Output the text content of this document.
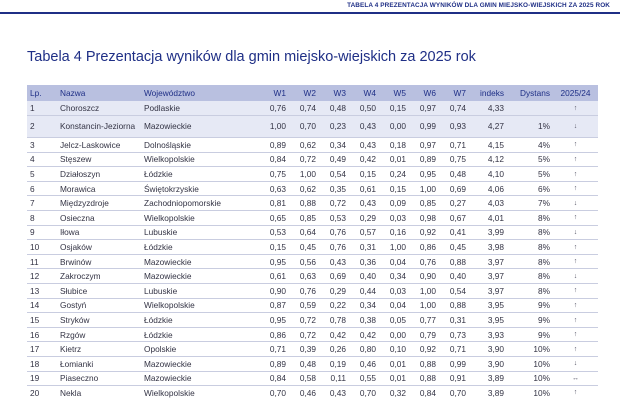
TABELA 4 PREZENTACJA WYNIKÓW DLA GMIN MIEJSKO-WIEJSKICH ZA 2025 ROK
Tabela 4 Prezentacja wyników dla gmin miejsko-wiejskich za 2025 rok
Lp.	Nazwa	Województwo	W1	W2	W3	W4	W5	W6	W7	indeks	Dystans	2025/24
1	Choroszcz	Podlaskie	0,76	0,74	0,48	0,50	0,15	0,97	0,74	4,33		↑
2	Konstancin-Jeziorna	Mazowieckie	1,00	0,70	0,23	0,43	0,00	0,99	0,93	4,27	1%	↓
3	Jelcz-Laskowice	Dolnośląskie	0,89	0,62	0,34	0,43	0,18	0,97	0,71	4,15	4%	↑
4	Stęszew	Wielkopolskie	0,84	0,72	0,49	0,42	0,01	0,89	0,75	4,12	5%	↑
5	Działoszyn	Łódzkie	0,75	1,00	0,54	0,15	0,24	0,95	0,48	4,10	5%	↑
6	Morawica	Świętokrzyskie	0,63	0,62	0,35	0,61	0,15	1,00	0,69	4,06	6%	↑
7	Międzyzdroje	Zachodniopomorskie	0,81	0,88	0,72	0,43	0,09	0,85	0,27	4,03	7%	↓
8	Osieczna	Wielkopolskie	0,65	0,85	0,53	0,29	0,03	0,98	0,67	4,01	8%	↑
9	Iłowa	Lubuskie	0,53	0,64	0,76	0,57	0,16	0,92	0,41	3,99	8%	↓
10	Osjaków	Łódzkie	0,15	0,45	0,76	0,31	1,00	0,86	0,45	3,98	8%	↑
11	Brwinów	Mazowieckie	0,95	0,56	0,43	0,36	0,04	0,76	0,88	3,97	8%	↑
12	Zakroczym	Mazowieckie	0,61	0,63	0,69	0,40	0,34	0,90	0,40	3,97	8%	↓
13	Słubice	Lubuskie	0,90	0,76	0,29	0,44	0,03	1,00	0,54	3,97	8%	↑
14	Gostyń	Wielkopolskie	0,87	0,59	0,22	0,34	0,04	1,00	0,88	3,95	9%	↑
15	Stryków	Łódzkie	0,95	0,72	0,78	0,38	0,05	0,77	0,31	3,95	9%	↑
16	Rzgów	Łódzkie	0,86	0,72	0,42	0,42	0,00	0,79	0,73	3,93	9%	↑
17	Kietrz	Opolskie	0,71	0,39	0,26	0,80	0,10	0,92	0,71	3,90	10%	↑
18	Łomianki	Mazowieckie	0,89	0,48	0,19	0,46	0,01	0,88	0,99	3,90	10%	↓
19	Piaseczno	Mazowieckie	0,84	0,58	0,11	0,55	0,01	0,88	0,91	3,89	10%	↔
20	Nekla	Wielkopolskie	0,70	0,46	0,43	0,70	0,32	0,84	0,70	3,89	10%	↑
